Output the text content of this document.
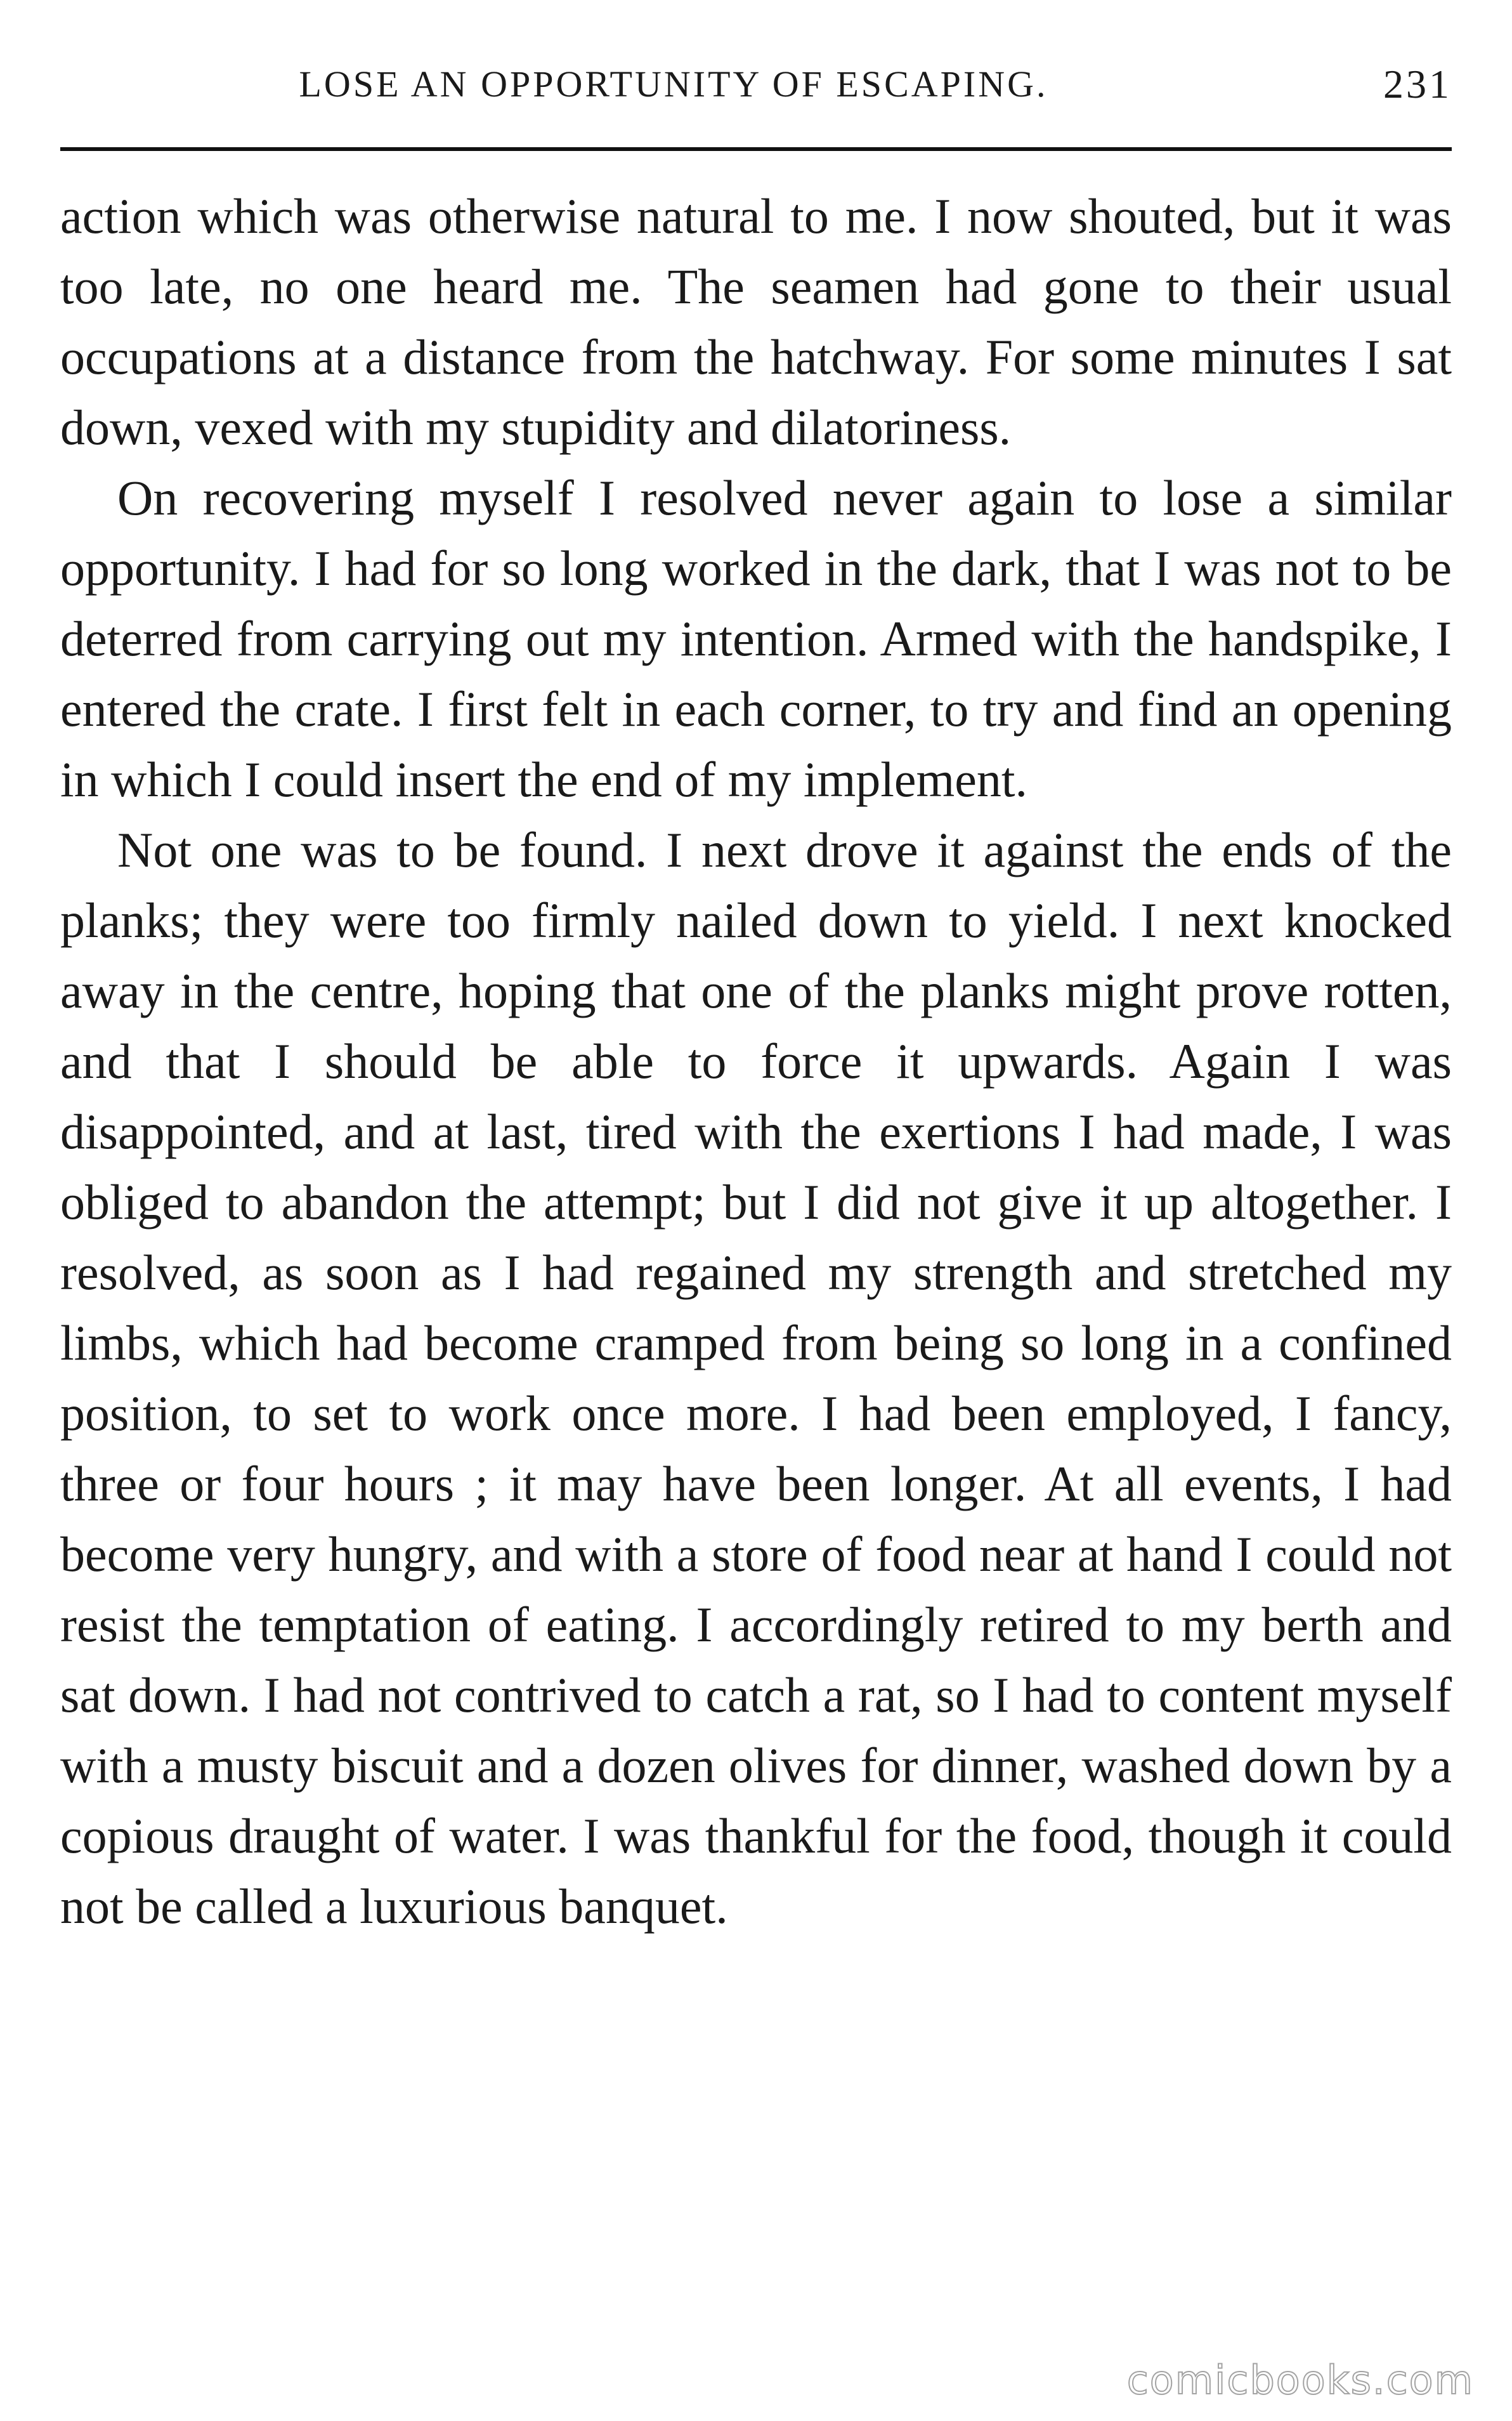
LOSE AN OPPORTUNITY OF ESCAPING.	231

action which was otherwise natural to me. I now shouted, but it was too late, no one heard me. The seamen had gone to their usual occupations at a distance from the hatchway. For some minutes I sat down, vexed with my stupidity and dilatoriness.

On recovering myself I resolved never again to lose a similar opportunity. I had for so long worked in the dark, that I was not to be deterred from carrying out my intention. Armed with the handspike, I entered the crate. I first felt in each corner, to try and find an opening in which I could insert the end of my implement.

Not one was to be found. I next drove it against the ends of the planks; they were too firmly nailed down to yield. I next knocked away in the centre, hoping that one of the planks might prove rotten, and that I should be able to force it upwards. Again I was disappointed, and at last, tired with the exertions I had made, I was obliged to abandon the attempt; but I did not give it up altogether. I resolved, as soon as I had regained my strength and stretched my limbs, which had become cramped from being so long in a confined position, to set to work once more. I had been employed, I fancy, three or four hours ; it may have been longer. At all events, I had become very hungry, and with a store of food near at hand I could not resist the temptation of eating. I accordingly retired to my berth and sat down. I had not contrived to catch a rat, so I had to content myself with a musty biscuit and a dozen olives for dinner, washed down by a copious draught of water. I was thankful for the food, though it could not be called a luxurious banquet.

comicbooks.com
